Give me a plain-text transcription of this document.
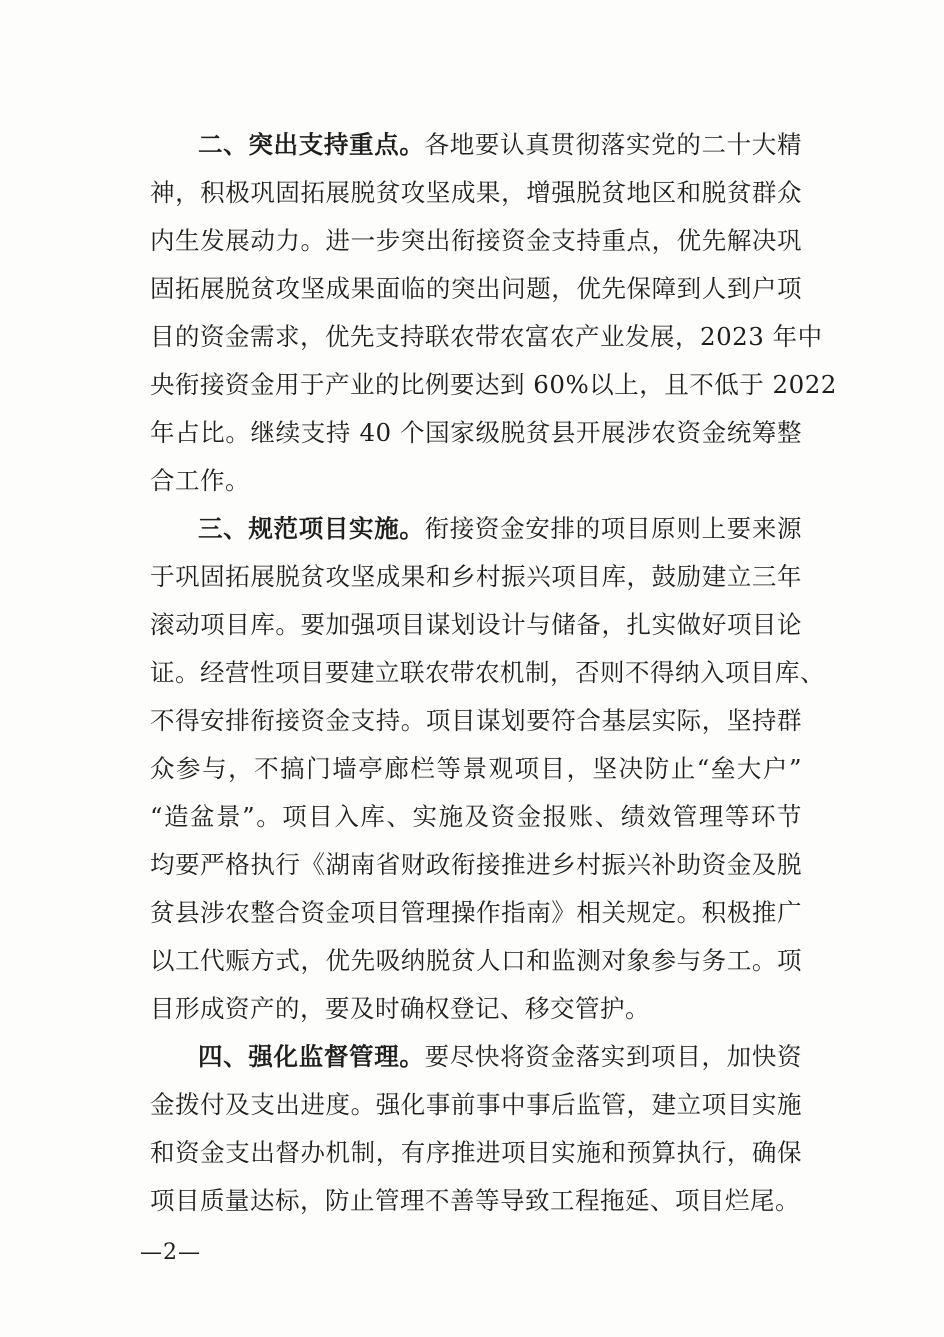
二、突出支持重点。各地要认真贯彻落实党的二十大精
神，积极巩固拓展脱贫攻坚成果，增强脱贫地区和脱贫群众
内生发展动力。进一步突出衔接资金支持重点，优先解决巩
固拓展脱贫攻坚成果面临的突出问题，优先保障到人到户项
目的资金需求，优先支持联农带农富农产业发展，2023 年中
央衔接资金用于产业的比例要达到 60%以上，且不低于 2022
年占比。继续支持 40 个国家级脱贫县开展涉农资金统筹整
合工作。
三、规范项目实施。衔接资金安排的项目原则上要来源
于巩固拓展脱贫攻坚成果和乡村振兴项目库，鼓励建立三年
滚动项目库。要加强项目谋划设计与储备，扎实做好项目论
证。经营性项目要建立联农带农机制，否则不得纳入项目库、
不得安排衔接资金支持。项目谋划要符合基层实际，坚持群
众参与，不搞门墙亭廊栏等景观项目，坚决防止“垒大户”
“造盆景”。项目入库、实施及资金报账、绩效管理等环节
均要严格执行《湖南省财政衔接推进乡村振兴补助资金及脱
贫县涉农整合资金项目管理操作指南》相关规定。积极推广
以工代赈方式，优先吸纳脱贫人口和监测对象参与务工。项
目形成资产的，要及时确权登记、移交管护。
四、强化监督管理。要尽快将资金落实到项目，加快资
金拨付及支出进度。强化事前事中事后监管，建立项目实施
和资金支出督办机制，有序推进项目实施和预算执行，确保
项目质量达标，防止管理不善等导致工程拖延、项目烂尾。
—2—
